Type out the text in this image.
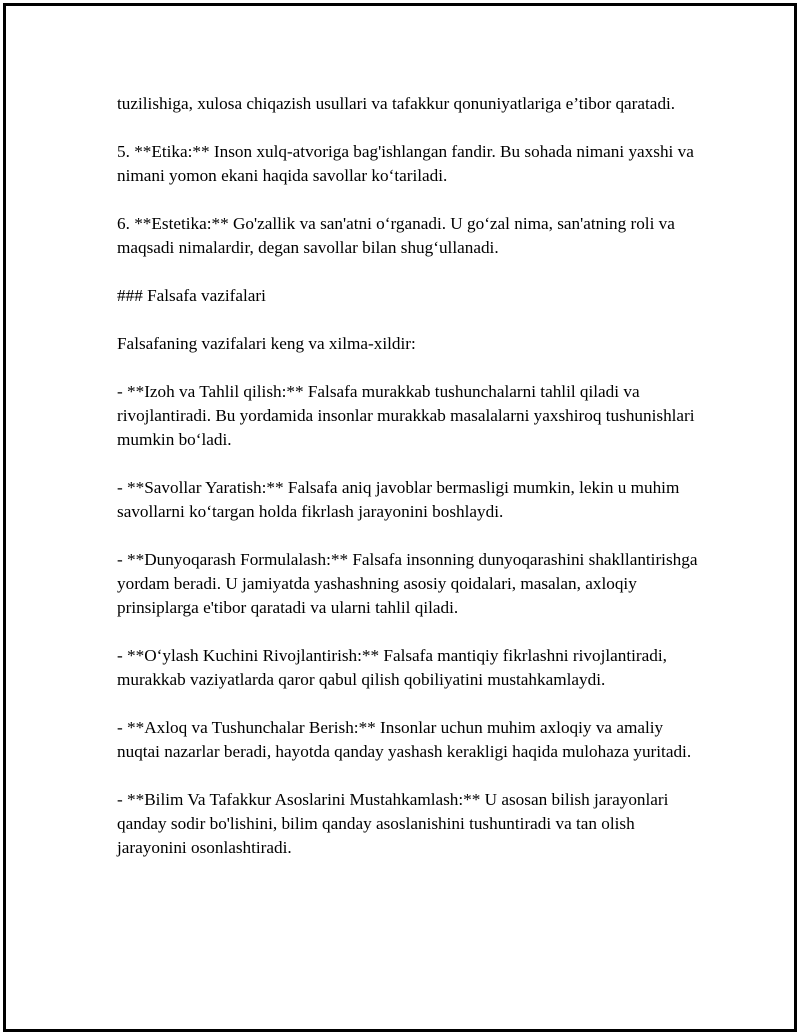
tuzilishiga, xulosa chiqazish usullari va tafakkur qonuniyatlariga e’tibor qaratadi.

5. **Etika:** Inson xulq-atvoriga bag'ishlangan fandir. Bu sohada nimani yaxshi va nimani yomon ekani haqida savollar ko‘tariladi.

6. **Estetika:** Go'zallik va san'atni o‘rganadi. U go‘zal nima, san'atning roli va maqsadi nimalardir, degan savollar bilan shug‘ullanadi.

### Falsafa vazifalari

Falsafaning vazifalari keng va xilma-xildir:

- **Izoh va Tahlil qilish:** Falsafa murakkab tushunchalarni tahlil qiladi va rivojlantiradi. Bu yordamida insonlar murakkab masalalarni yaxshiroq tushunishlari mumkin bo‘ladi.

- **Savollar Yaratish:** Falsafa aniq javoblar bermasligi mumkin, lekin u muhim savollarni ko‘targan holda fikrlash jarayonini boshlaydi.

- **Dunyoqarash Formulalash:** Falsafa insonning dunyoqarashini shakllantirishga yordam beradi. U jamiyatda yashashning asosiy qoidalari, masalan, axloqiy prinsiplarga e'tibor qaratadi va ularni tahlil qiladi.

- **O‘ylash Kuchini Rivojlantirish:** Falsafa mantiqiy fikrlashni rivojlantiradi, murakkab vaziyatlarda qaror qabul qilish qobiliyatini mustahkamlaydi.

- **Axloq va Tushunchalar Berish:** Insonlar uchun muhim axloqiy va amaliy nuqtai nazarlar beradi, hayotda qanday yashash kerakligi haqida mulohaza yuritadi.

- **Bilim Va Tafakkur Asoslarini Mustahkamlash:** U asosan bilish jarayonlari qanday sodir bo'lishini, bilim qanday asoslanishini tushuntiradi va tan olish jarayonini osonlashtiradi.
